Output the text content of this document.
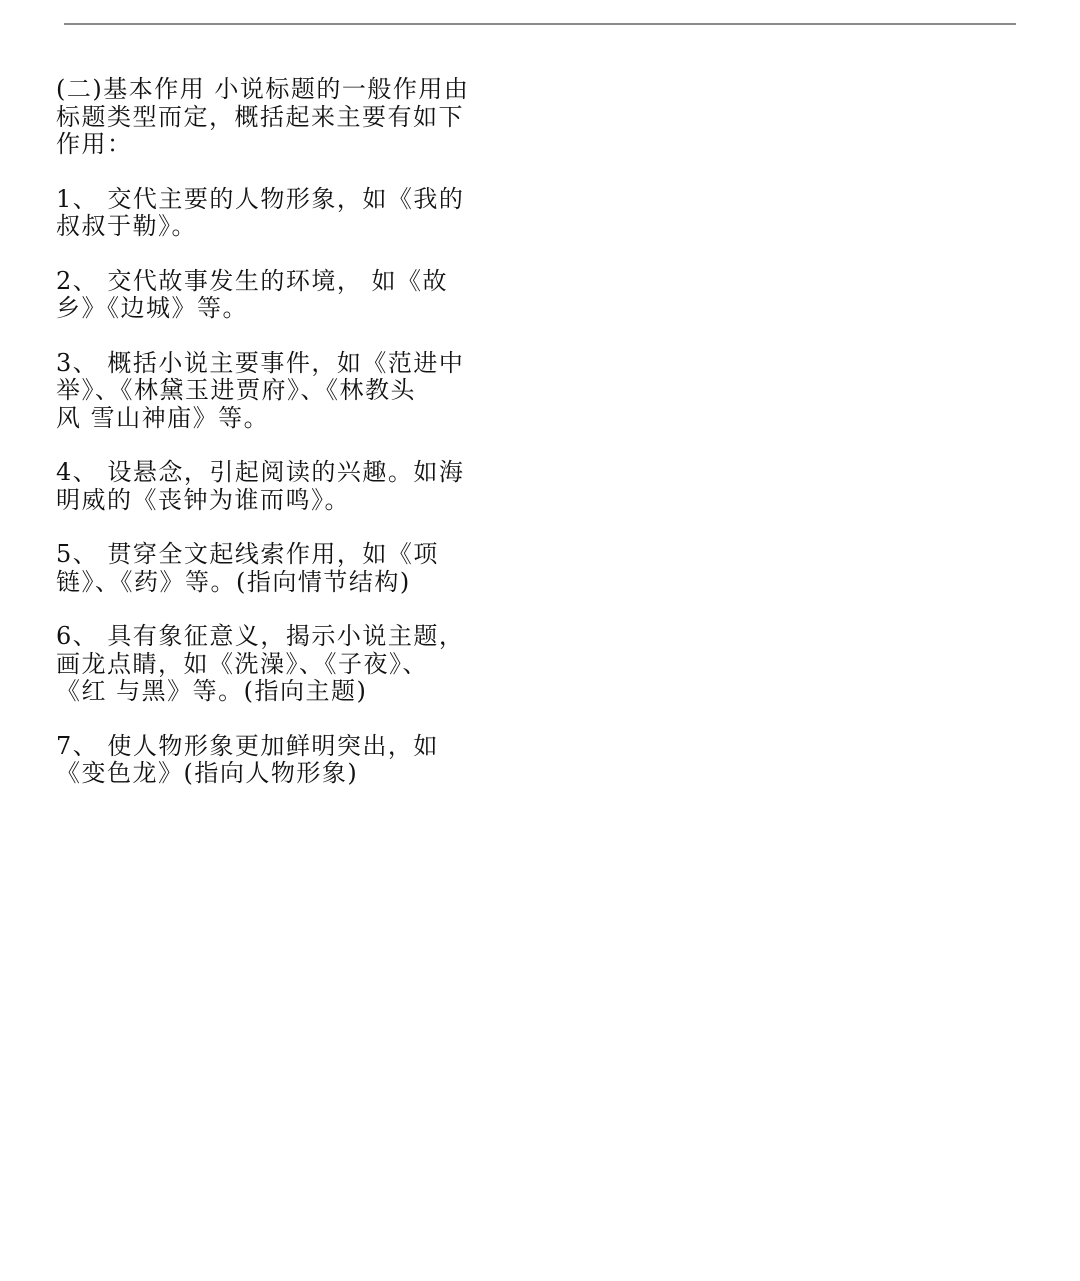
(二)基本作用 小说标题的一般作用由
标题类型而定，概括起来主要有如下
作用：

1、 交代主要的人物形象，如《我的
叔叔于勒》。

2、 交代故事发生的环境， 如《故
乡》《边城》等。

3、 概括小说主要事件，如《范进中
举》、《林黛玉进贾府》、《林教头
风 雪山神庙》等。

4、 设悬念，引起阅读的兴趣。如海
明威的《丧钟为谁而鸣》。

5、 贯穿全文起线索作用，如《项
链》、《药》等。(指向情节结构)

6、 具有象征意义，揭示小说主题，
画龙点睛，如《洗澡》、《子夜》、
《红 与黑》等。(指向主题)

7、 使人物形象更加鲜明突出，如
《变色龙》(指向人物形象)
